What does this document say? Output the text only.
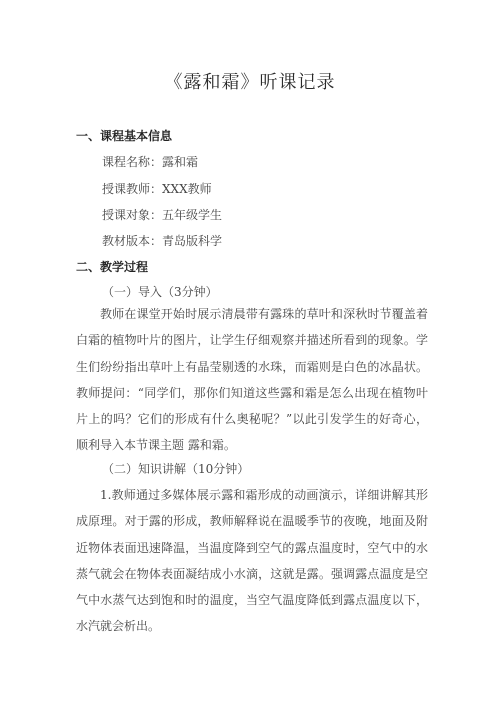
《露和霜》听课记录
一、课程基本信息
课程名称：露和霜
授课教师：XXX教师
授课对象：五年级学生
教材版本：青岛版科学
二、教学过程
（一）导入（3分钟）

教师在课堂开始时展示清晨带有露珠的草叶和深秋时节覆盖着白霜的植物叶片的图片，让学生仔细观察并描述所看到的现象。学生们纷纷指出草叶上有晶莹剔透的水珠，而霜则是白色的冰晶状。教师提问：“同学们，那你们知道这些露和霜是怎么出现在植物叶片上的吗？它们的形成有什么奥秘呢？”以此引发学生的好奇心，顺利导入本节课主题 露和霜。

（二）知识讲解（10分钟）

1.教师通过多媒体展示露和霜形成的动画演示，详细讲解其形成原理。对于露的形成，教师解释说在温暖季节的夜晚，地面及附近物体表面迅速降温，当温度降到空气的露点温度时，空气中的水蒸气就会在物体表面凝结成小水滴，这就是露。强调露点温度是空气中水蒸气达到饱和时的温度，当空气温度降低到露点温度以下，水汽就会析出。
